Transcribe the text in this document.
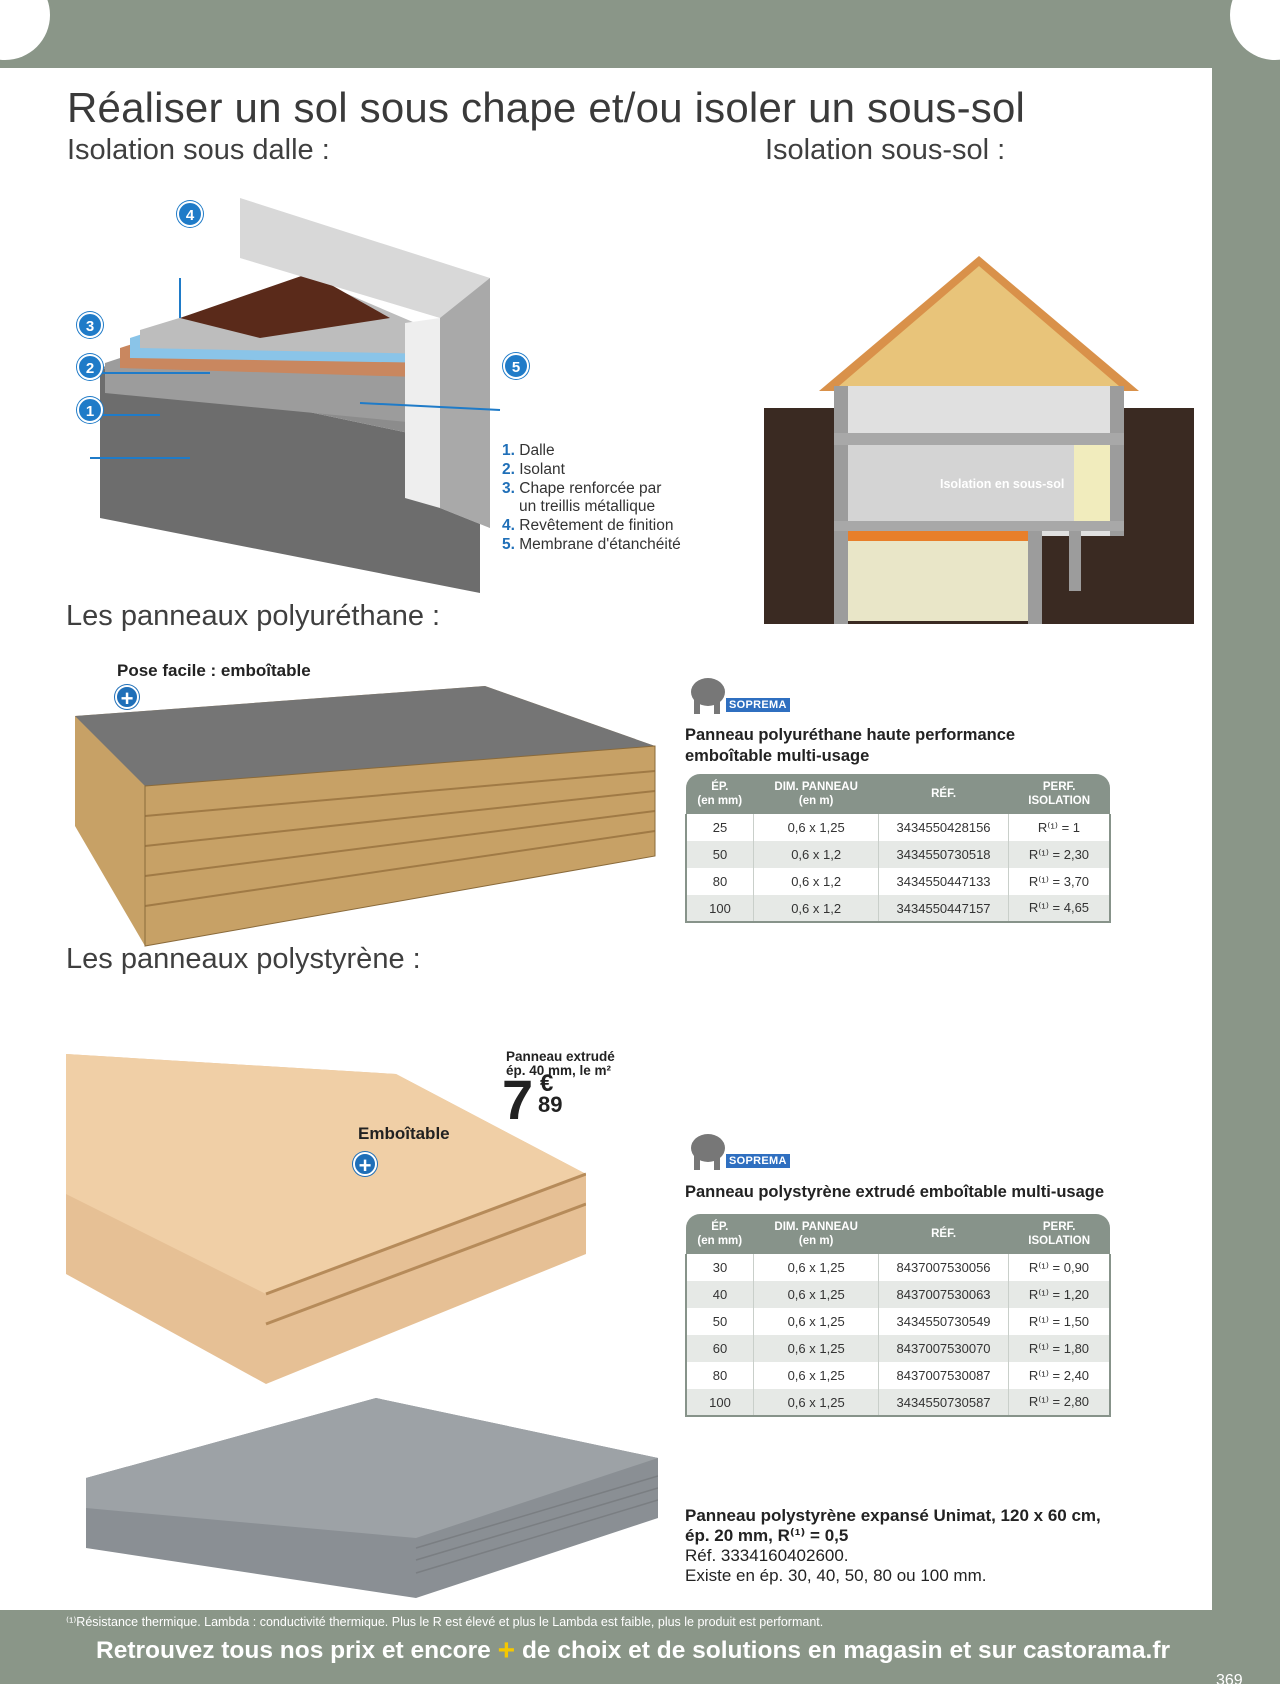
Réaliser un sol sous chape et/ou isoler un sous-sol
Isolation sous dalle :	Isolation sous-sol :
4
3
2
1
5
1. Dalle
2. Isolant
3. Chape renforcée par
un treillis métallique
4. Revêtement de finition
5. Membrane d'étanchéité
Isolation en sous-sol
Les panneaux polyuréthane :
Pose facile : emboîtable
+	SOPREMA
Panneau polyuréthane haute performance
emboîtable multi-usage
ÉP.
(en mm)	DIM. PANNEAU
(en m)	RÉF.	PERF.
ISOLATION
25	0,6 x 1,25	3434550428156	R⁽¹⁾ = 1
50	0,6 x 1,2	3434550730518	R⁽¹⁾ = 2,30
80	0,6 x 1,2	3434550447133	R⁽¹⁾ = 3,70
100	0,6 x 1,2	3434550447157	R⁽¹⁾ = 4,65
Les panneaux polystyrène :
Emboîtable
+
Panneau extrudé
ép. 40 mm, le m²
7 €
89
SOPREMA
Panneau polystyrène extrudé emboîtable multi-usage
ÉP.
(en mm)	DIM. PANNEAU
(en m)	RÉF.	PERF.
ISOLATION
30	0,6 x 1,25	8437007530056	R⁽¹⁾ = 0,90
40	0,6 x 1,25	8437007530063	R⁽¹⁾ = 1,20
50	0,6 x 1,25	3434550730549	R⁽¹⁾ = 1,50
60	0,6 x 1,25	8437007530070	R⁽¹⁾ = 1,80
80	0,6 x 1,25	8437007530087	R⁽¹⁾ = 2,40
100	0,6 x 1,25	3434550730587	R⁽¹⁾ = 2,80
Panneau polystyrène expansé Unimat, 120 x 60 cm,
ép. 20 mm, R⁽¹⁾ = 0,5
Réf. 3334160402600.
Existe en ép. 30, 40, 50, 80 ou 100 mm.
⁽¹⁾Résistance thermique. Lambda : conductivité thermique. Plus le R est élevé et plus le Lambda est faible, plus le produit est performant.
Retrouvez tous nos prix et encore + de choix et de solutions en magasin et sur castorama.fr
369
